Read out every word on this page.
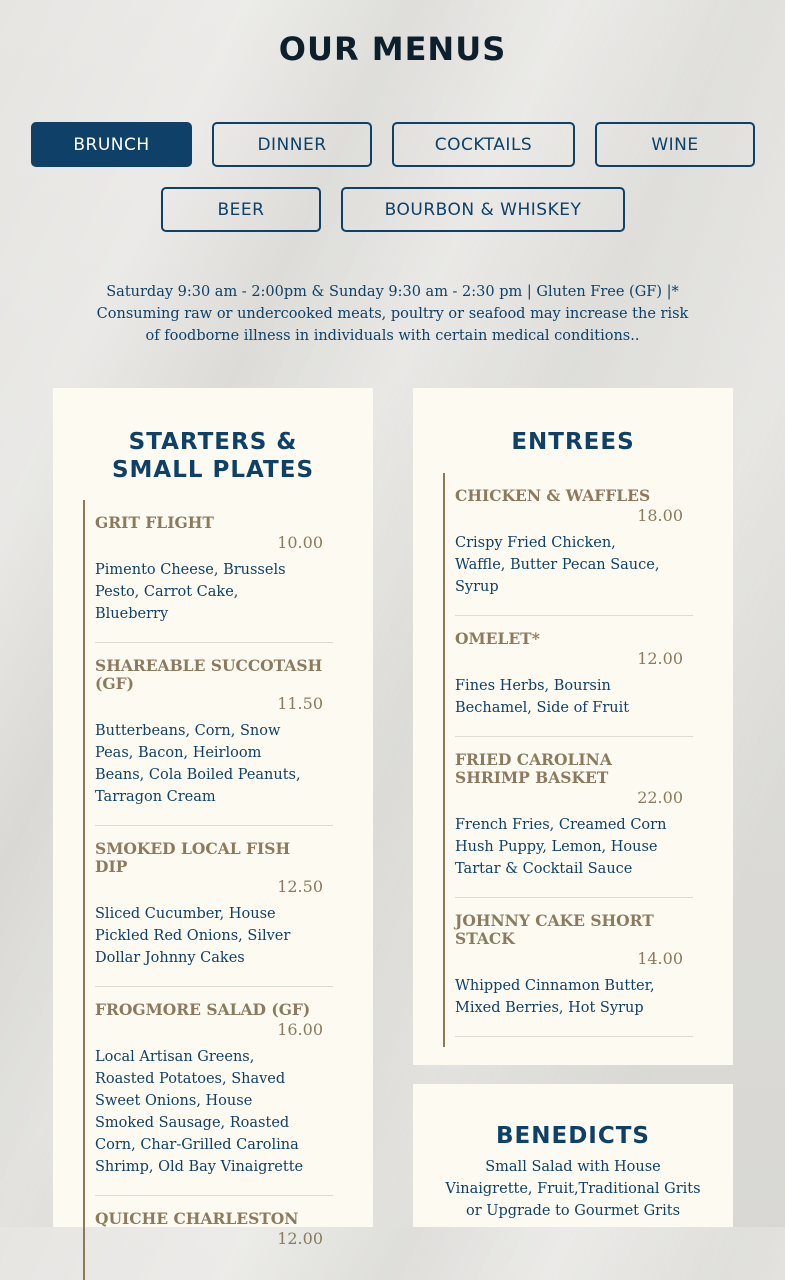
OUR MENUS
BRUNCH	DINNER	COCKTAILS	WINE
BEER	BOURBON & WHISKEY
Saturday 9:30 am - 2:00pm & Sunday 9:30 am - 2:30 pm | Gluten Free (GF) |* Consuming raw or undercooked meats, poultry or seafood may increase the risk of foodborne illness in individuals with certain medical conditions..
STARTERS & SMALL PLATES
GRIT FLIGHT
10.00
Pimento Cheese, Brussels Pesto, Carrot Cake, Blueberry
SHAREABLE SUCCOTASH (GF)
11.50
Butterbeans, Corn, Snow Peas, Bacon, Heirloom Beans, Cola Boiled Peanuts, Tarragon Cream
SMOKED LOCAL FISH DIP
12.50
Sliced Cucumber, House Pickled Red Onions, Silver Dollar Johnny Cakes
FROGMORE SALAD (GF)
16.00
Local Artisan Greens, Roasted Potatoes, Shaved Sweet Onions, House Smoked Sausage, Roasted Corn, Char-Grilled Carolina Shrimp, Old Bay Vinaigrette
QUICHE CHARLESTON
12.00
ENTREES
CHICKEN & WAFFLES
18.00
Crispy Fried Chicken, Waffle, Butter Pecan Sauce, Syrup
OMELET*
12.00
Fines Herbs, Boursin Bechamel, Side of Fruit
FRIED CAROLINA SHRIMP BASKET
22.00
French Fries, Creamed Corn Hush Puppy, Lemon, House Tartar & Cocktail Sauce
JOHNNY CAKE SHORT STACK
14.00
Whipped Cinnamon Butter, Mixed Berries, Hot Syrup
BENEDICTS
Small Salad with House Vinaigrette, Fruit,Traditional Grits or Upgrade to Gourmet Grits
